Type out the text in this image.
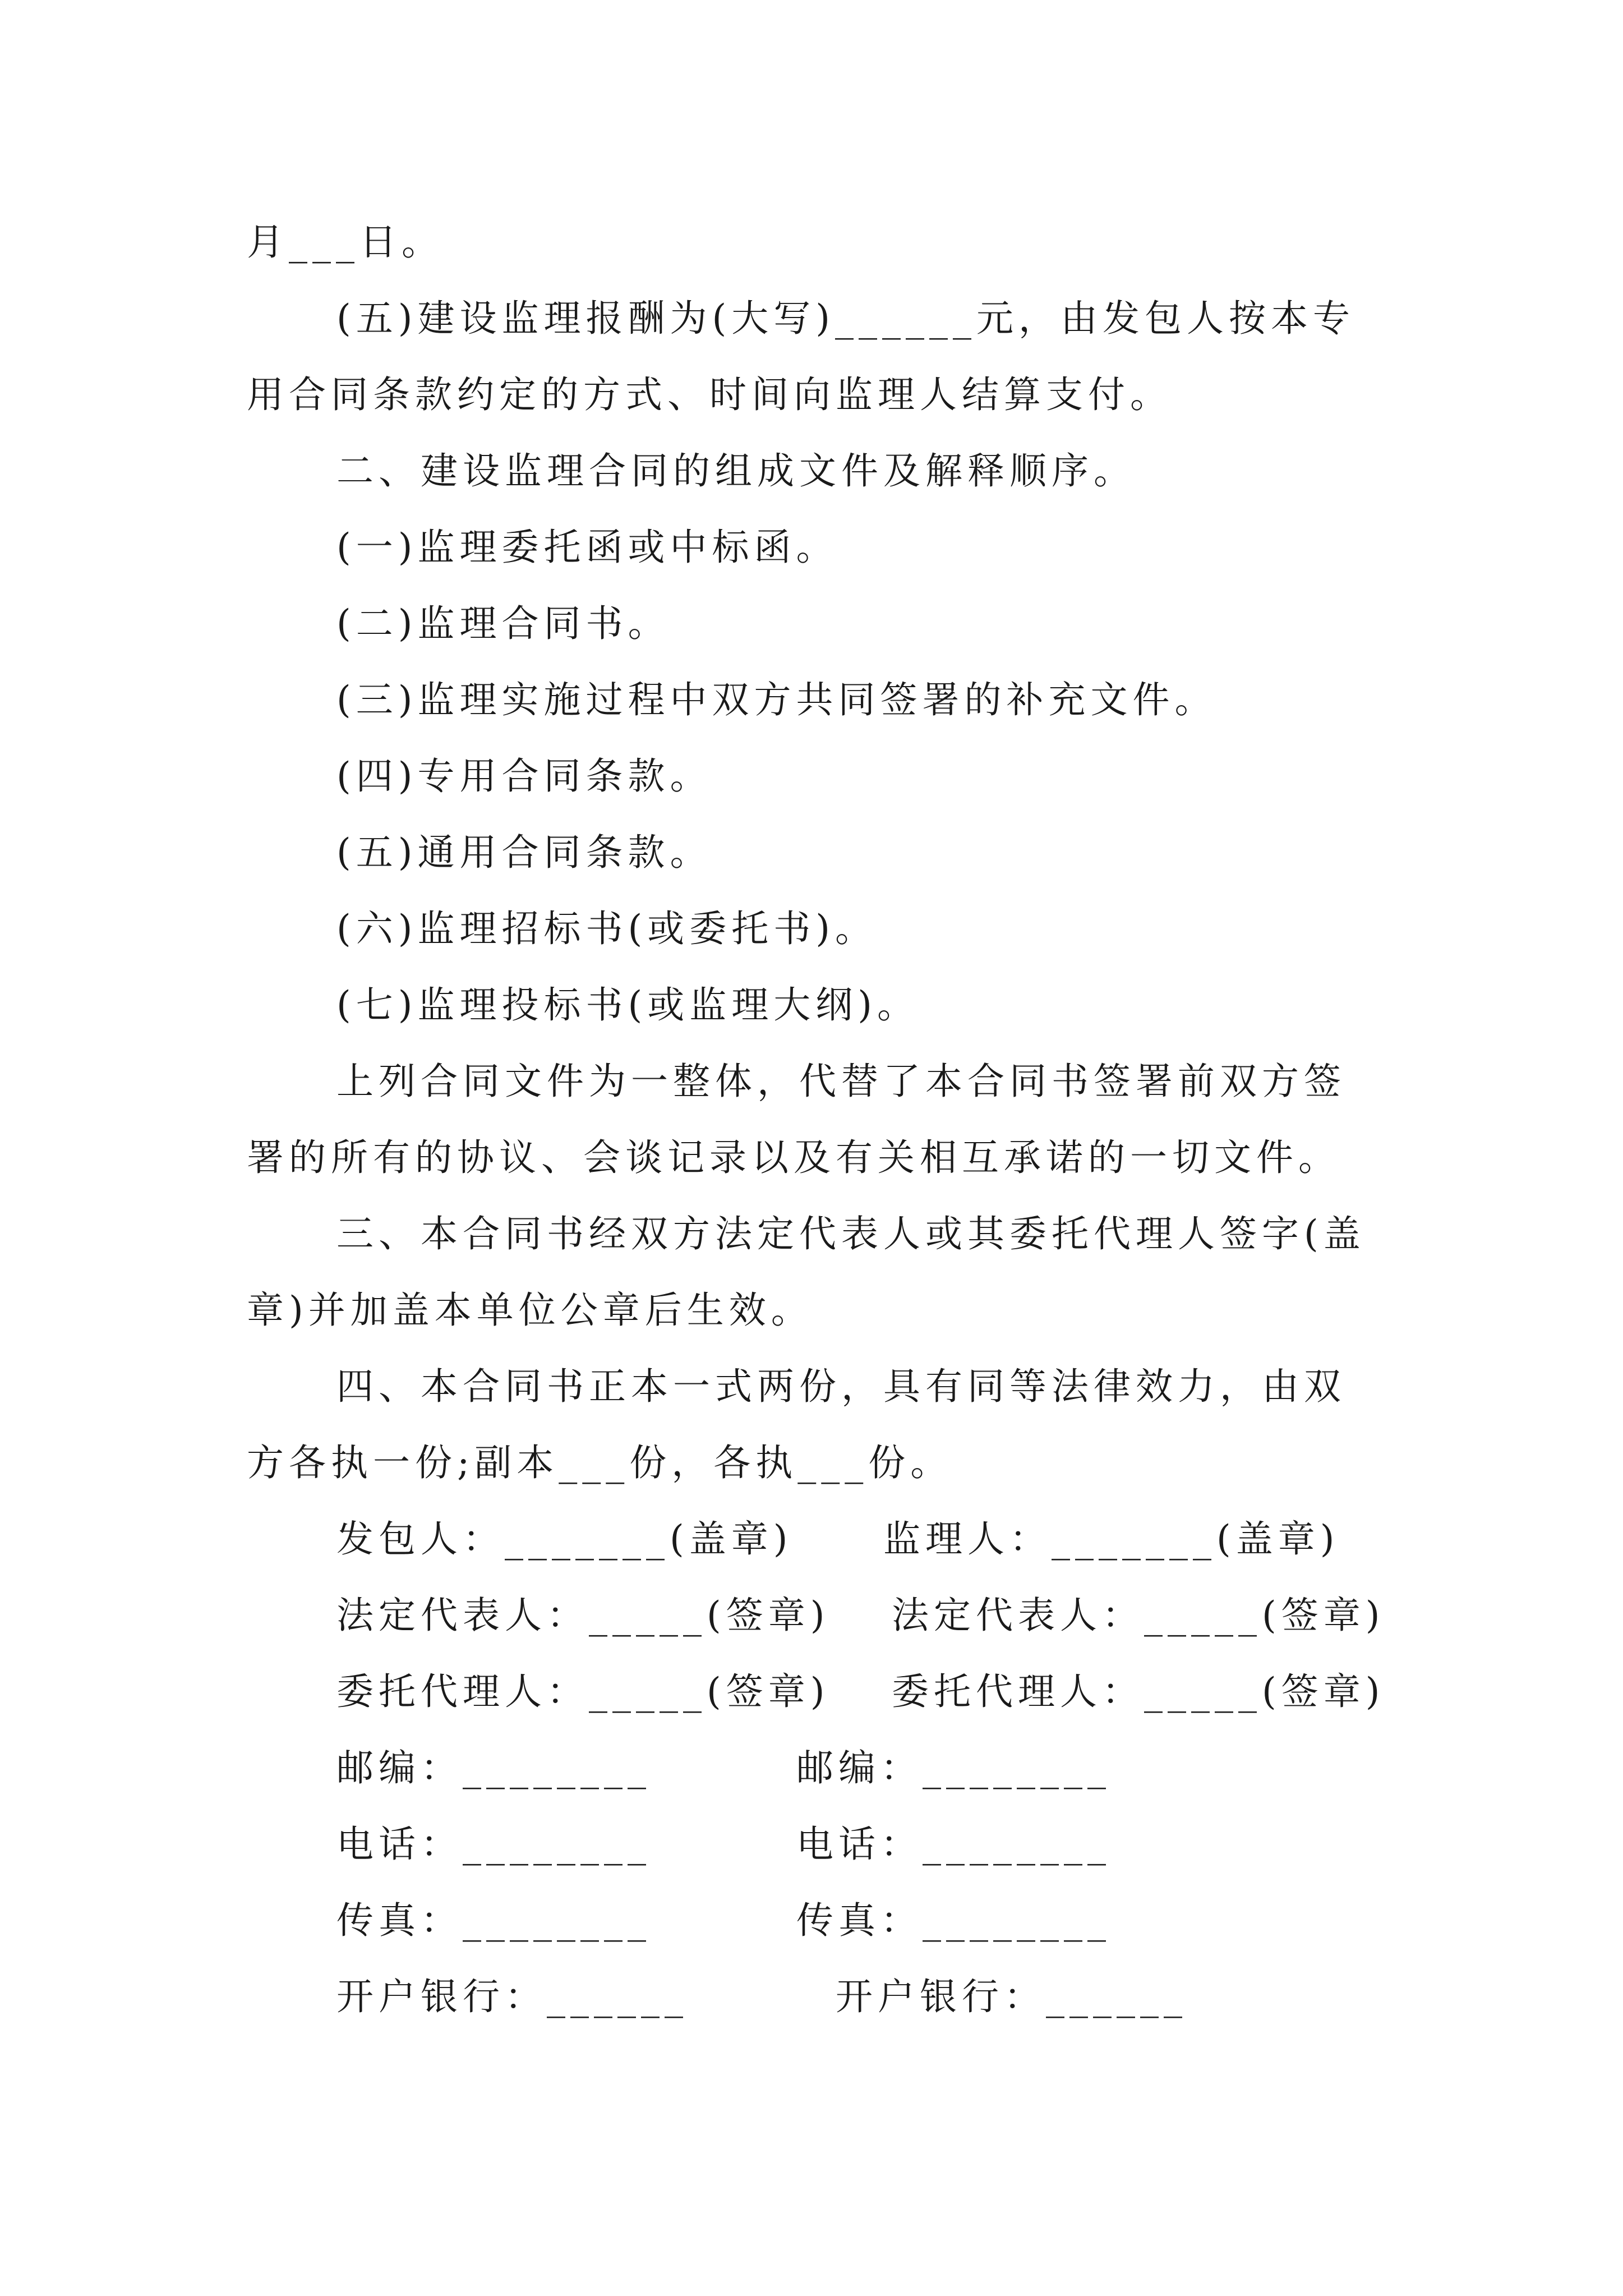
月___日。
(五)建设监理报酬为(大写)______元，由发包人按本专
用合同条款约定的方式、时间向监理人结算支付。
二、建设监理合同的组成文件及解释顺序。
(一)监理委托函或中标函。
(二)监理合同书。
(三)监理实施过程中双方共同签署的补充文件。
(四)专用合同条款。
(五)通用合同条款。
(六)监理招标书(或委托书)。
(七)监理投标书(或监理大纲)。
上列合同文件为一整体，代替了本合同书签署前双方签
署的所有的协议、会谈记录以及有关相互承诺的一切文件。
三、本合同书经双方法定代表人或其委托代理人签字(盖
章)并加盖本单位公章后生效。
四、本合同书正本一式两份，具有同等法律效力，由双
方各执一份;副本___份，各执___份。
发包人：_______(盖章)
法定代表人：_____(签章)
委托代理人：_____(签章)
邮编：________
电话：________
传真：________
开户银行：______
监理人：_______(盖章)
法定代表人：_____(签章)
委托代理人：_____(签章)
邮编：________
电话：________
传真：________
开户银行：______
